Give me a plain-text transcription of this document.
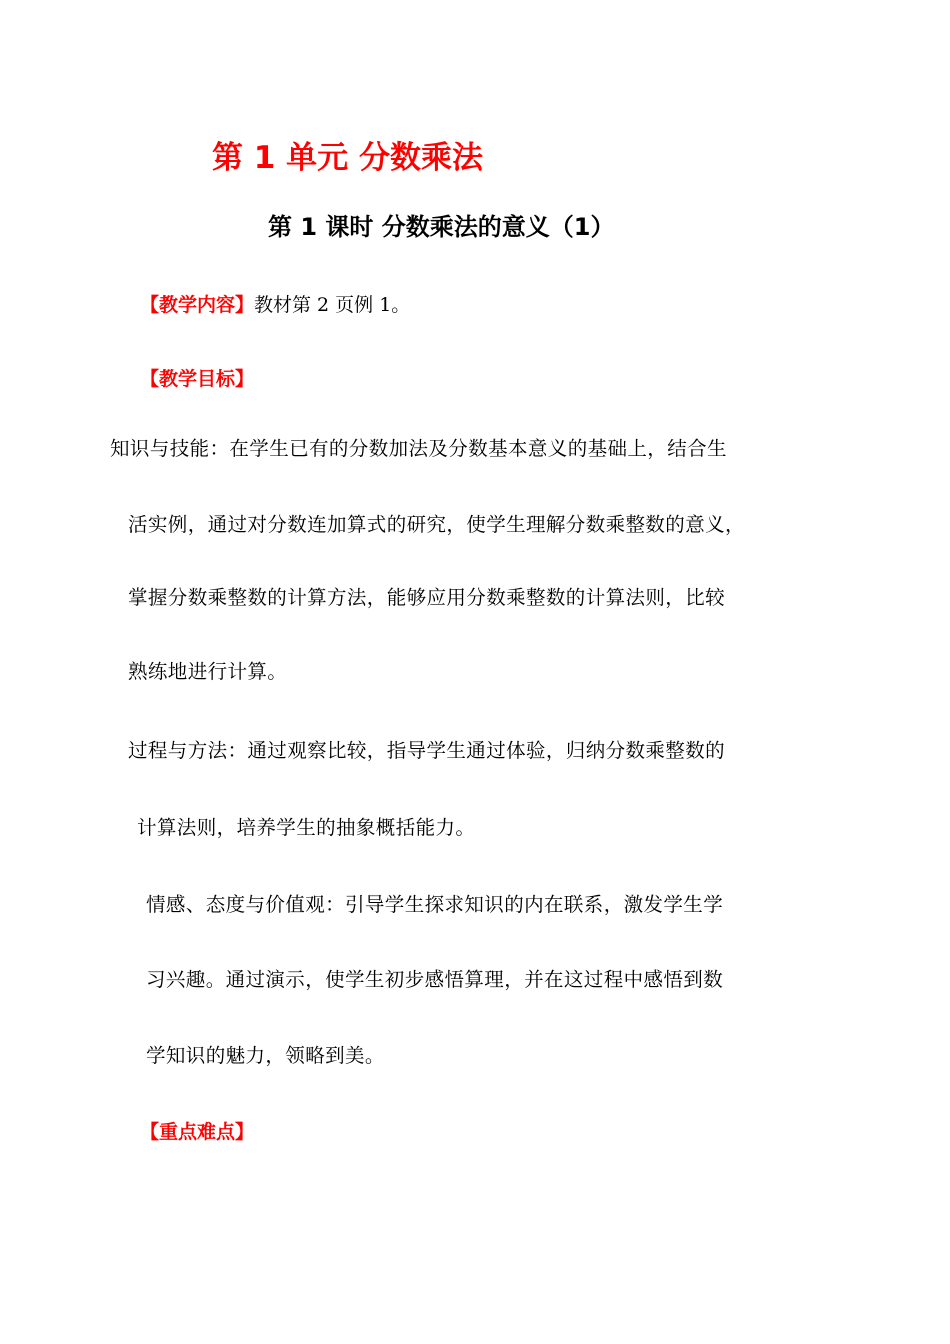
第 1 单元 分数乘法
第 1 课时 分数乘法的意义（1）
【教学内容】教材第 2 页例 1。
【教学目标】
知识与技能：在学生已有的分数加法及分数基本意义的基础上，结合生
活实例，通过对分数连加算式的研究，使学生理解分数乘整数的意义，
掌握分数乘整数的计算方法，能够应用分数乘整数的计算法则，比较
熟练地进行计算。
过程与方法：通过观察比较，指导学生通过体验，归纳分数乘整数的
计算法则，培养学生的抽象概括能力。
情感、态度与价值观：引导学生探求知识的内在联系，激发学生学
习兴趣。通过演示，使学生初步感悟算理，并在这过程中感悟到数
学知识的魅力，领略到美。
【重点难点】
